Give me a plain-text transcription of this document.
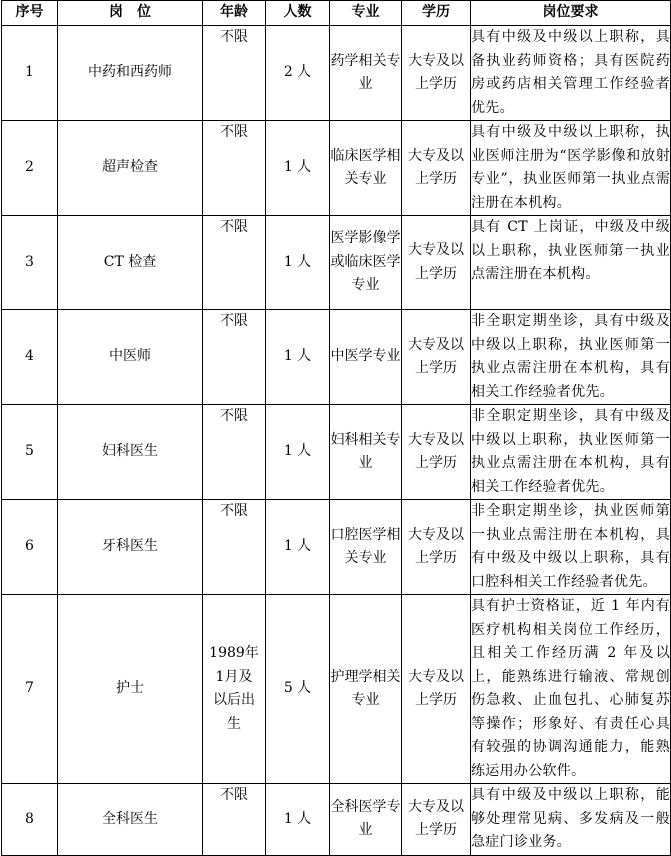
序号	岗　位	年龄	人数	专业	学历	岗位要求
1	中药和西药师	不限	2 人	药学相关专业	大专及以上学历	具有中级及中级以上职称，具备执业药师资格；具有医院药房或药店相关管理工作经验者优先。
2	超声检查	不限	1 人	临床医学相关专业	大专及以上学历	具有中级及中级以上职称，执业医师注册为“医学影像和放射专业”，执业医师第一执业点需注册在本机构。
3	CT 检查	不限	1 人	医学影像学或临床医学专业	大专及以上学历	具有 CT 上岗证，中级及中级以上职称，执业医师第一执业点需注册在本机构。
4	中医师	不限	1 人	中医学专业	大专及以上学历	非全职定期坐诊，具有中级及中级以上职称，执业医师第一执业点需注册在本机构，具有相关工作经验者优先。
5	妇科医生	不限	1 人	妇科相关专业	大专及以上学历	非全职定期坐诊，具有中级及中级以上职称，执业医师第一执业点需注册在本机构，具有相关工作经验者优先。
6	牙科医生	不限	1 人	口腔医学相关专业	大专及以上学历	非全职定期坐诊，执业医师第一执业点需注册在本机构，具有中级及中级以上职称，具有口腔科相关工作经验者优先。
7	护士	1989年1月及以后出生	5 人	护理学相关专业	大专及以上学历	具有护士资格证，近 1 年内有医疗机构相关岗位工作经历，且相关工作经历满 2 年及以上，能熟练进行输液、常规创伤急救、止血包扎、心肺复苏等操作；形象好、有责任心具有较强的协调沟通能力，能熟练运用办公软件。
8	全科医生	不限	1 人	全科医学专业	大专及以上学历	具有中级及中级以上职称，能够处理常见病、多发病及一般急症门诊业务。
